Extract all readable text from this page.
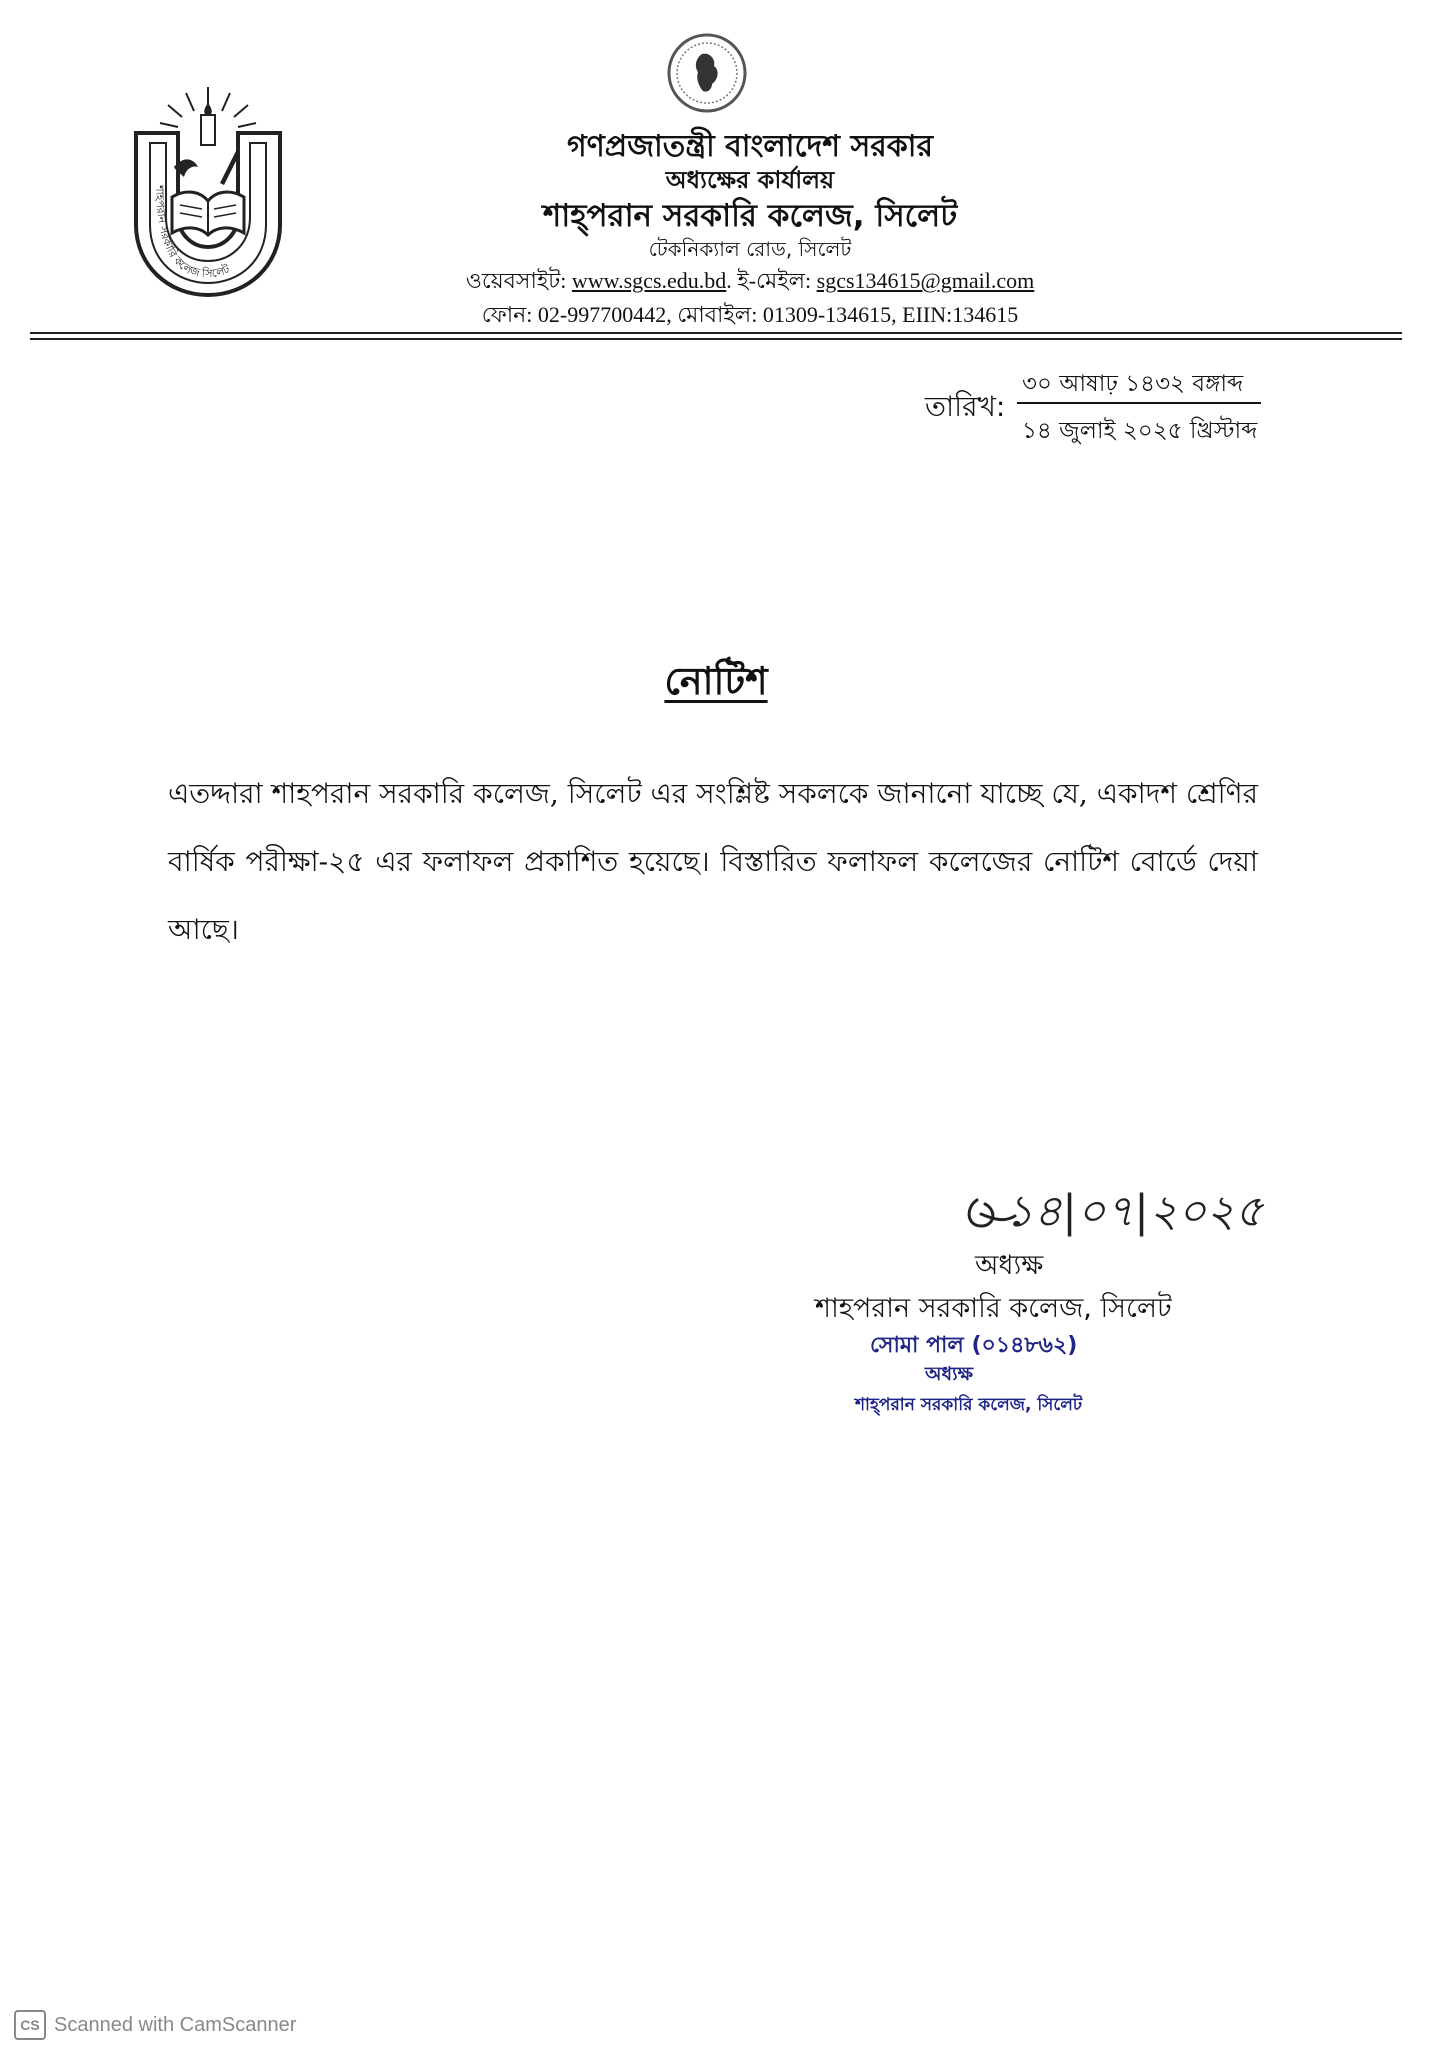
শাহপরান সরকারি কলেজ সিলেট
গণপ্রজাতন্ত্রী বাংলাদেশ সরকার
অধ্যক্ষের কার্যালয়
শাহ্পরান সরকারি কলেজ, সিলেট
টেকনিক্যাল রোড, সিলেট
ওয়েবসাইট: www.sgcs.edu.bd. ই-মেইল: sgcs134615@gmail.com
ফোন: 02-997700442, মোবাইল: 01309-134615, EIIN:134615
তারিখ:
৩০ আষাঢ় ১৪৩২ বঙ্গাব্দ
১৪ জুলাই ২০২৫ খ্রিস্টাব্দ
নোটিশ
এতদ্দারা শাহপরান সরকারি কলেজ, সিলেট এর সংশ্লিষ্ট সকলকে জানানো যাচ্ছে যে, একাদশ শ্রেণির বার্ষিক পরীক্ষা-২৫ এর ফলাফল প্রকাশিত হয়েছে। বিস্তারিত ফলাফল কলেজের নোটিশ বোর্ডে দেয়া আছে।
১৪|০৭|২০২৫
অধ্যক্ষ
শাহপরান সরকারি কলেজ, সিলেট
সোমা পাল (০১৪৮৬২)
অধ্যক্ষ
শাহ্পরান সরকারি কলেজ, সিলেট
CS Scanned with CamScanner
